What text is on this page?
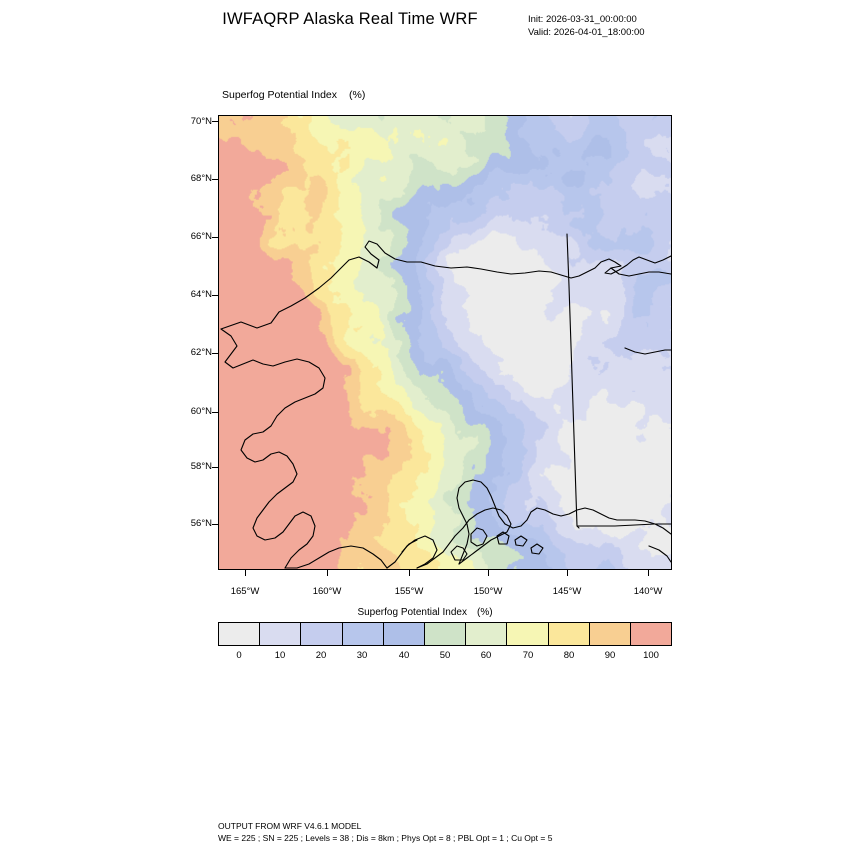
IWFAQRP Alaska Real Time WRF	Init: 2026-03-31_00:00:00
Valid: 2026-04-01_18:00:00
Superfog Potential Index (%)
70°N
68°N
66°N
64°N
62°N
60°N
58°N
56°N
165°W	160°W	155°W	150°W	145°W	140°W
Superfog Potential Index (%)
0	10	20	30	40	50	60	70	80	90	100
OUTPUT FROM WRF V4.6.1 MODEL
WE = 225 ; SN = 225 ; Levels = 38 ; Dis = 8km ; Phys Opt = 8 ; PBL Opt = 1 ; Cu Opt = 5
